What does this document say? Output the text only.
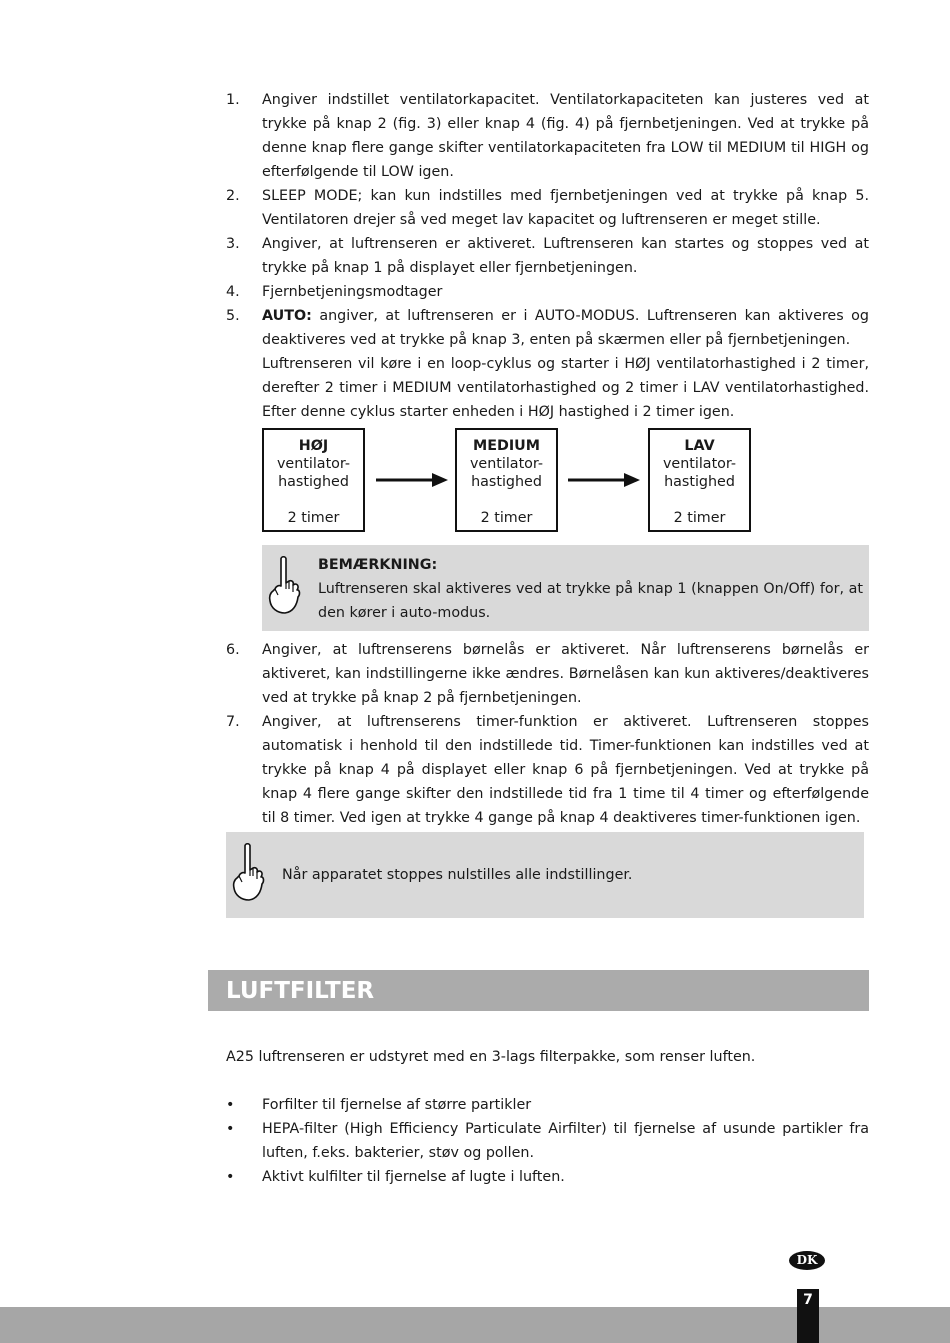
1. Angiver indstillet ventilatorkapacitet. Ventilatorkapaciteten kan justeres ved at trykke på knap 2 (fig. 3) eller knap 4 (fig. 4) på fjernbetjeningen. Ved at trykke på denne knap flere gange skifter ventilatorkapaciteten fra LOW til MEDIUM til HIGH og efterfølgende til LOW igen.

2. SLEEP MODE; kan kun indstilles med fjernbetjeningen ved at trykke på knap 5. Ventilatoren drejer så ved meget lav kapacitet og luftrenseren er meget stille.

3. Angiver, at luftrenseren er aktiveret. Luftrenseren kan startes og stoppes ved at trykke på knap 1 på displayet eller fjernbetjeningen.

4. Fjernbetjeningsmodtager

5. AUTO: angiver, at luftrenseren er i AUTO-MODUS. Luftrenseren kan aktiveres og deaktiveres ved at trykke på knap 3, enten på skærmen eller på fjernbetjeningen.

Luftrenseren vil køre i en loop-cyklus og starter i HØJ ventilatorhastighed i 2 timer, derefter 2 timer i MEDIUM ventilatorhastighed og 2 timer i LAV ventilatorhastighed. Efter denne cyklus starter enheden i HØJ hastighed i 2 timer igen.

HØJ
ventilator-
hastighed
2 timer
MEDIUM
ventilator-
hastighed
2 timer
LAV
ventilator-
hastighed
2 timer
BEMÆRKNING:
Luftrenseren skal aktiveres ved at trykke på knap 1 (knappen On/Off) for, at den kører i auto-modus.
6. Angiver, at luftrenserens børnelås er aktiveret. Når luftrenserens børnelås er aktiveret, kan indstillingerne ikke ændres. Børnelåsen kan kun aktiveres/deaktiveres ved at trykke på knap 2 på fjernbetjeningen.

7. Angiver, at luftrenserens timer-funktion er aktiveret. Luftrenseren stoppes automatisk i henhold til den indstillede tid. Timer-funktionen kan indstilles ved at trykke på knap 4 på displayet eller knap 6 på fjernbetjeningen. Ved at trykke på knap 4 flere gange skifter den indstillede tid fra 1 time til 4 timer og efterfølgende til 8 timer. Ved igen at trykke 4 gange på knap 4 deaktiveres timer-funktionen igen.

Når apparatet stoppes nulstilles alle indstillinger.
LUFTFILTER
A25 luftrenseren er udstyret med en 3-lags filterpakke, som renser luften.
• Forfilter til fjernelse af større partikler
• HEPA-filter (High Efficiency Particulate Airfilter) til fjernelse af usunde partikler fra luften, f.eks. bakterier, støv og pollen.
• Aktivt kulfilter til fjernelse af lugte i luften.
DK
7
